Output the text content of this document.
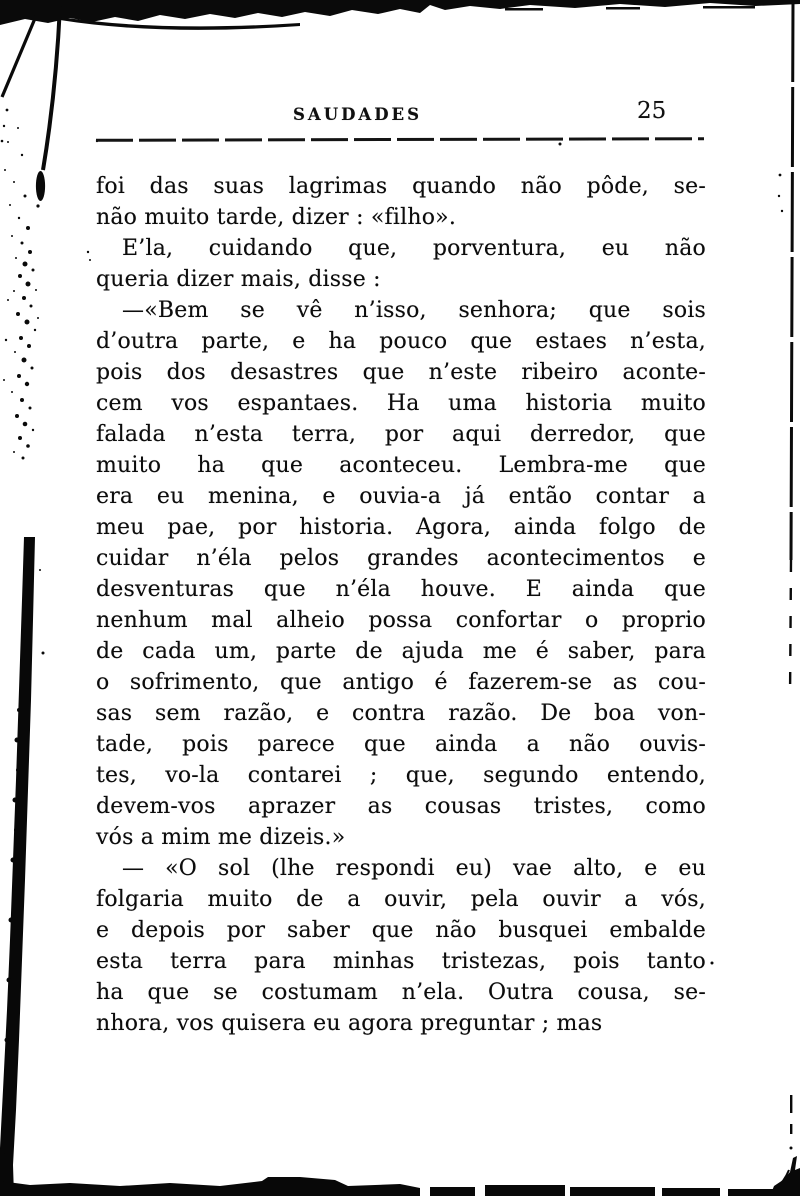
SAUDADES	25
foi das suas lagrimas quando não pôde, se-
não muito tarde, dizer : «filho».
E’la, cuidando que, porventura, eu não
queria dizer mais, disse :
—«Bem se vê n’isso, senhora; que sois
d’outra parte, e ha pouco que estaes n’esta,
pois dos desastres que n’este ribeiro aconte-
cem vos espantaes. Ha uma historia muito
falada n’esta terra, por aqui derredor, que
muito ha que aconteceu. Lembra-me que
era eu menina, e ouvia-a já então contar a
meu pae, por historia. Agora, ainda folgo de
cuidar n’éla pelos grandes acontecimentos e
desventuras que n’éla houve. E ainda que
nenhum mal alheio possa confortar o proprio
de cada um, parte de ajuda me é saber, para
o sofrimento, que antigo é fazerem-se as cou-
sas sem razão, e contra razão. De boa von-
tade, pois parece que ainda a não ouvis-
tes, vo-la contarei ; que, segundo entendo,
devem-vos aprazer as cousas tristes, como
vós a mim me dizeis.»
— «O sol (lhe respondi eu) vae alto, e eu
folgaria muito de a ouvir, pela ouvir a vós,
e depois por saber que não busquei embalde
esta terra para minhas tristezas, pois tanto
ha que se costumam n’ela. Outra cousa, se-
nhora, vos quisera eu agora preguntar ; mas
